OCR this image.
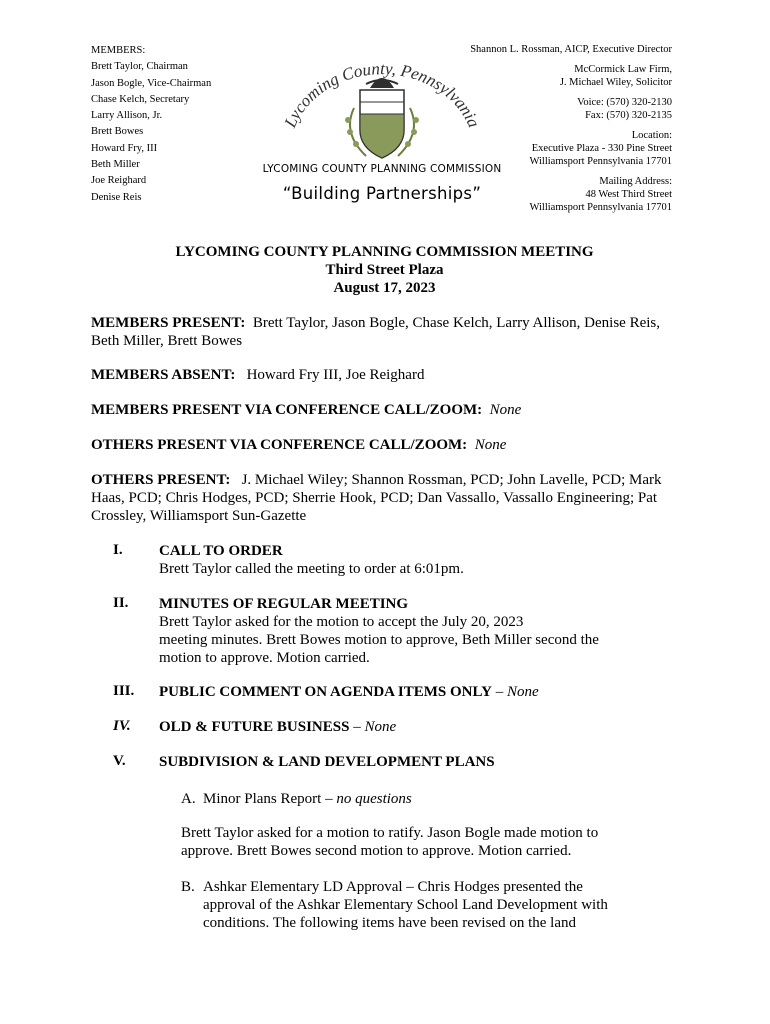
MEMBERS:
Brett Taylor, Chairman
Jason Bogle, Vice-Chairman
Chase Kelch, Secretary
Larry Allison, Jr.
Brett Bowes
Howard Fry, III
Beth Miller
Joe Reighard
Denise Reis
Lycoming County, Pennsylvania
LYCOMING COUNTY PLANNING COMMISSION
“Building Partnerships”
Shannon L. Rossman, AICP, Executive Director
McCormick Law Firm,
J. Michael Wiley, Solicitor
Voice: (570) 320-2130
Fax: (570) 320-2135
Location:
Executive Plaza - 330 Pine Street
Williamsport Pennsylvania 17701
Mailing Address:
48 West Third Street
Williamsport Pennsylvania 17701
LYCOMING COUNTY PLANNING COMMISSION MEETING
Third Street Plaza
August 17, 2023
MEMBERS PRESENT: Brett Taylor, Jason Bogle, Chase Kelch, Larry Allison, Denise Reis, Beth Miller, Brett Bowes
MEMBERS ABSENT: Howard Fry III, Joe Reighard
MEMBERS PRESENT VIA CONFERENCE CALL/ZOOM: None
OTHERS PRESENT VIA CONFERENCE CALL/ZOOM: None
OTHERS PRESENT: J. Michael Wiley; Shannon Rossman, PCD; John Lavelle, PCD; Mark Haas, PCD; Chris Hodges, PCD; Sherrie Hook, PCD; Dan Vassallo, Vassallo Engineering; Pat Crossley, Williamsport Sun-Gazette
I. CALL TO ORDER
Brett Taylor called the meeting to order at 6:01pm.
II. MINUTES OF REGULAR MEETING
Brett Taylor asked for the motion to accept the July 20, 2023
meeting minutes. Brett Bowes motion to approve, Beth Miller second the
motion to approve. Motion carried.
III. PUBLIC COMMENT ON AGENDA ITEMS ONLY – None
IV. OLD & FUTURE BUSINESS – None
V. SUBDIVISION & LAND DEVELOPMENT PLANS
A. Minor Plans Report – no questions
Brett Taylor asked for a motion to ratify. Jason Bogle made motion to
approve. Brett Bowes second motion to approve. Motion carried.
B. Ashkar Elementary LD Approval – Chris Hodges presented the
approval of the Ashkar Elementary School Land Development with
conditions. The following items have been revised on the land
